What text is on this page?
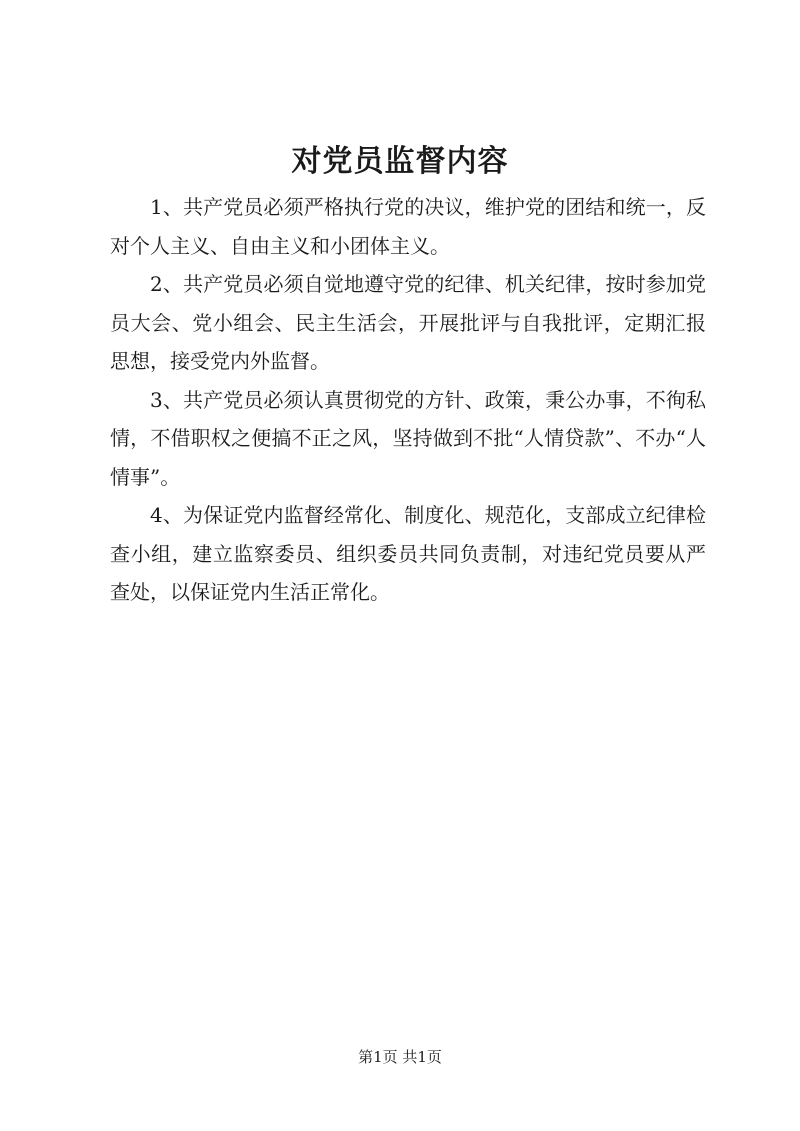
对党员监督内容

1、共产党员必须严格执行党的决议，维护党的团结和统一，反对个人主义、自由主义和小团体主义。

2、共产党员必须自觉地遵守党的纪律、机关纪律，按时参加党员大会、党小组会、民主生活会，开展批评与自我批评，定期汇报思想，接受党内外监督。

3、共产党员必须认真贯彻党的方针、政策，秉公办事，不徇私情，不借职权之便搞不正之风，坚持做到不批“人情贷款”、不办“人情事”。

4、为保证党内监督经常化、制度化、规范化，支部成立纪律检查小组，建立监察委员、组织委员共同负责制，对违纪党员要从严查处，以保证党内生活正常化。

第1页 共1页
